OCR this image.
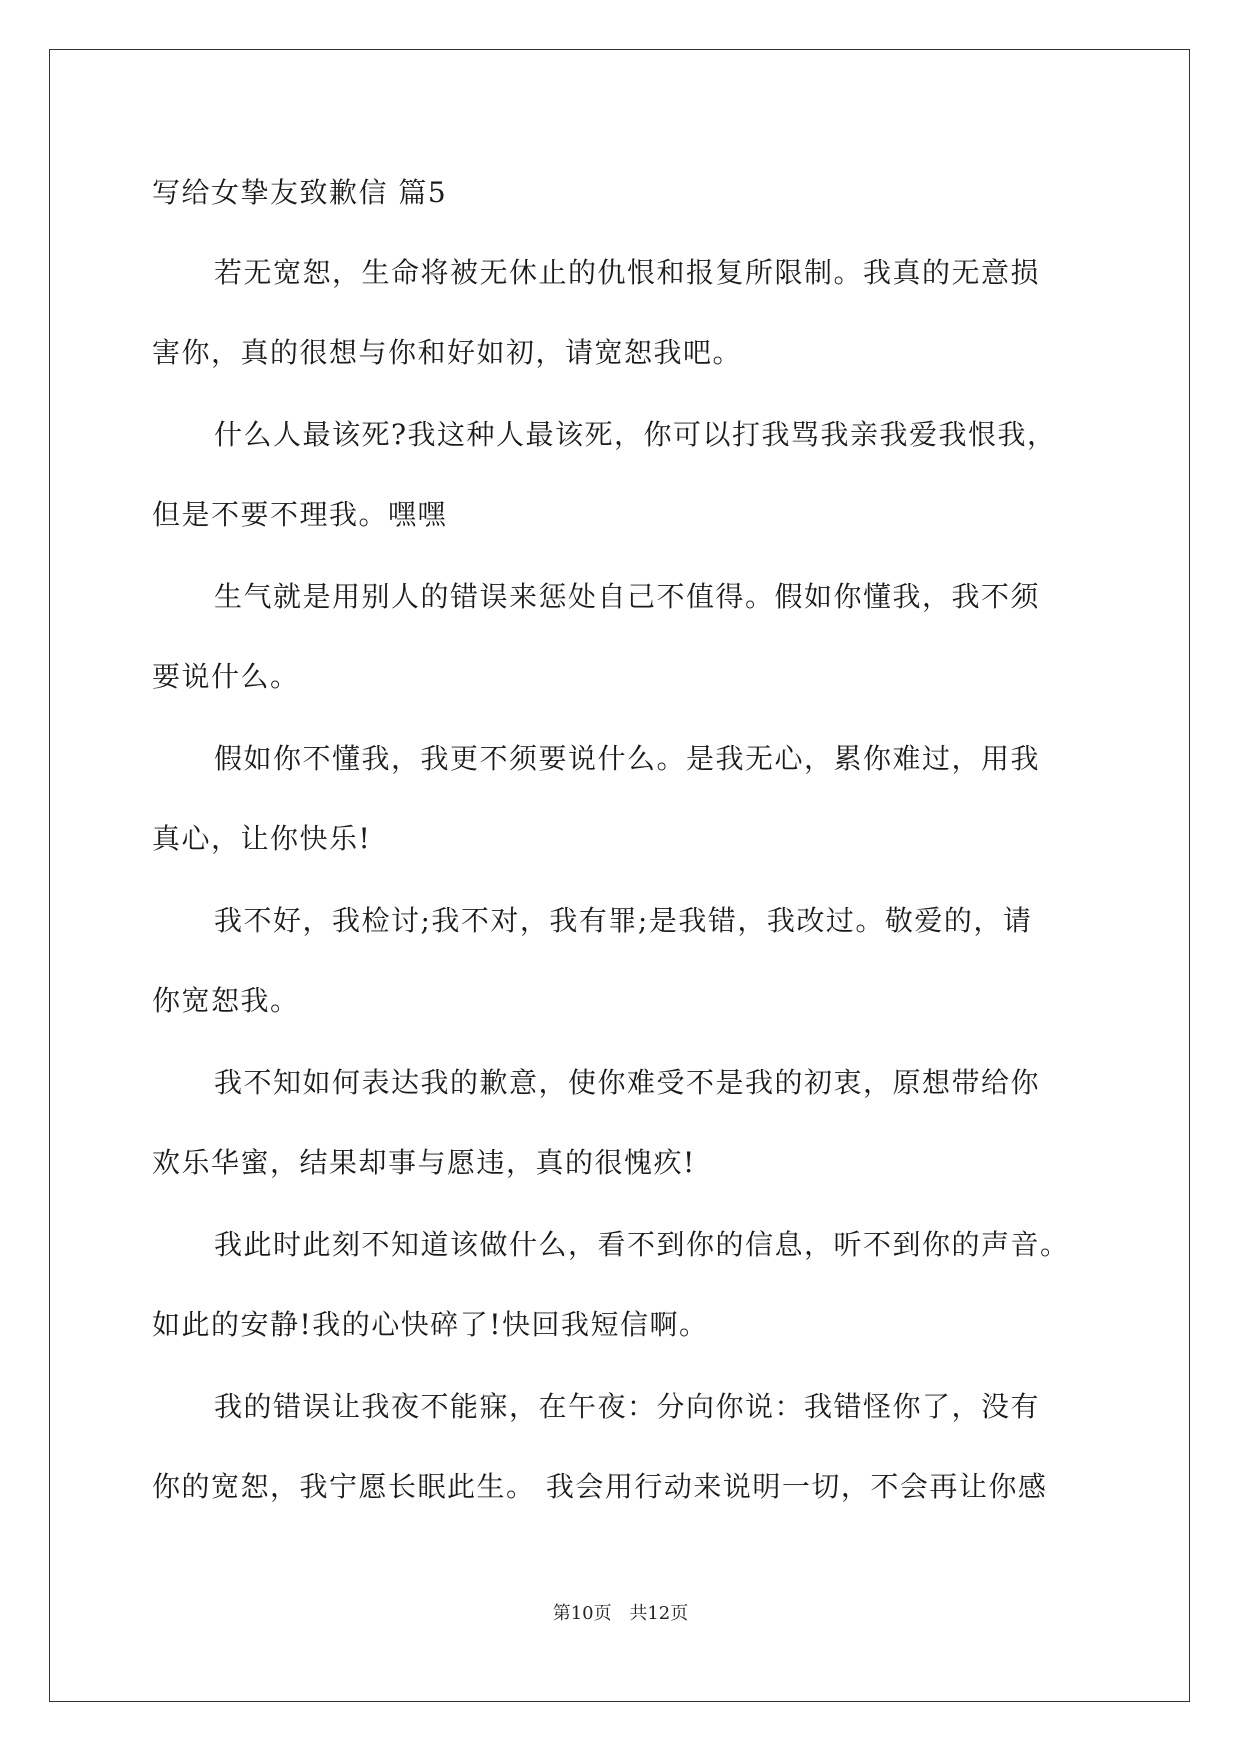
写给女挚友致歉信 篇5
若无宽恕，生命将被无休止的仇恨和报复所限制。我真的无意损
害你，真的很想与你和好如初，请宽恕我吧。
什么人最该死?我这种人最该死，你可以打我骂我亲我爱我恨我，
但是不要不理我。嘿嘿
生气就是用别人的错误来惩处自己不值得。假如你懂我，我不须
要说什么。
假如你不懂我，我更不须要说什么。是我无心，累你难过，用我
真心，让你快乐!
我不好，我检讨;我不对，我有罪;是我错，我改过。敬爱的，请
你宽恕我。
我不知如何表达我的歉意，使你难受不是我的初衷，原想带给你
欢乐华蜜，结果却事与愿违，真的很愧疚!
我此时此刻不知道该做什么，看不到你的信息，听不到你的声音。
如此的安静!我的心快碎了!快回我短信啊。
我的错误让我夜不能寐，在午夜：分向你说：我错怪你了，没有
你的宽恕，我宁愿长眠此生。 我会用行动来说明一切，不会再让你感
第10页 共12页
